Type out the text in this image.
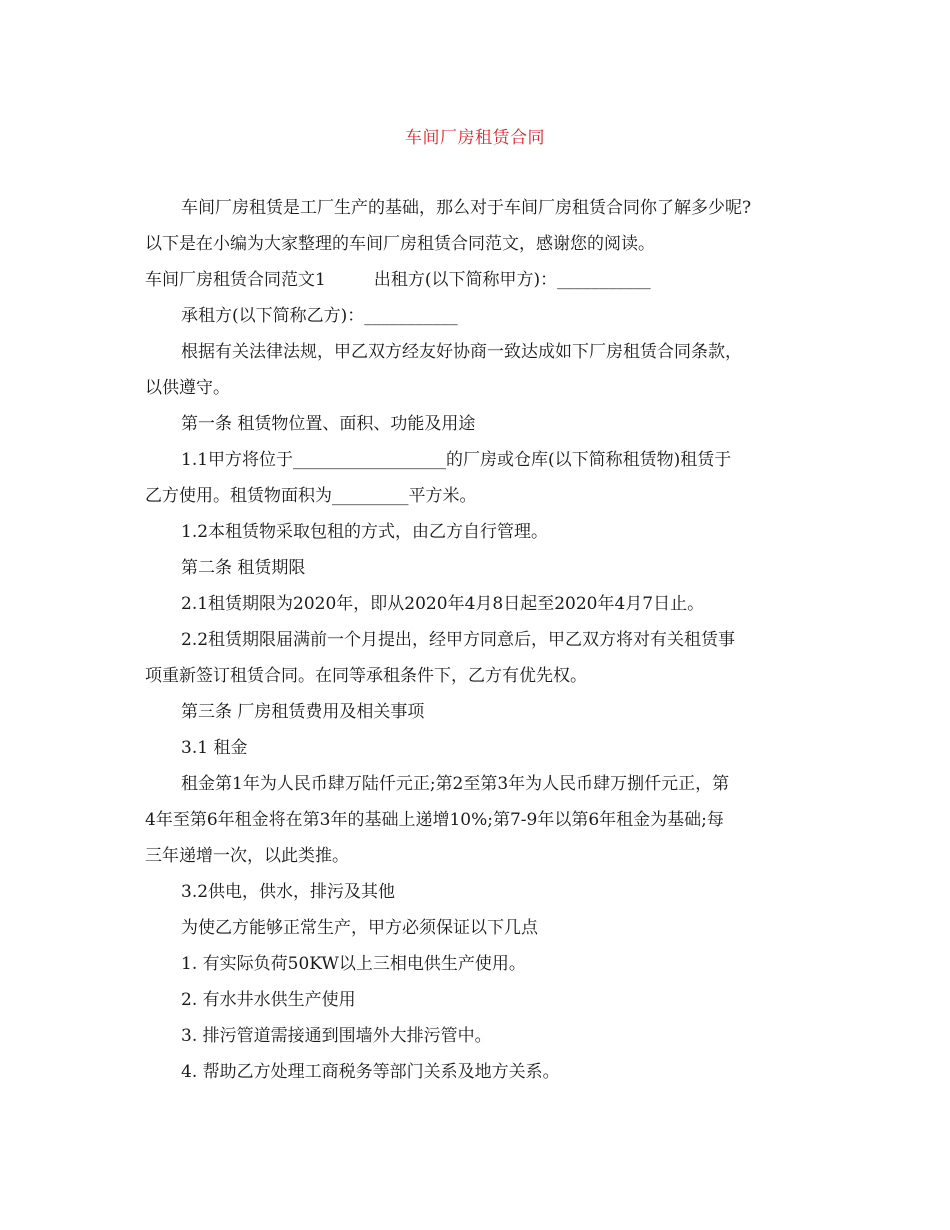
车间厂房租赁合同

车间厂房租赁是工厂生产的基础，那么对于车间厂房租赁合同你了解多少呢?

以下是在小编为大家整理的车间厂房租赁合同范文，感谢您的阅读。

车间厂房租赁合同范文1	出租方(以下简称甲方)：___________

承租方(以下简称乙方)：___________

根据有关法律法规，甲乙双方经友好协商一致达成如下厂房租赁合同条款，

以供遵守。

第一条 租赁物位置、面积、功能及用途

1.1甲方将位于__________________的厂房或仓库(以下简称租赁物)租赁于

乙方使用。租赁物面积为_________平方米。

1.2本租赁物采取包租的方式，由乙方自行管理。

第二条 租赁期限

2.1租赁期限为2020年，即从2020年4月8日起至2020年4月7日止。

2.2租赁期限届满前一个月提出，经甲方同意后，甲乙双方将对有关租赁事

项重新签订租赁合同。在同等承租条件下，乙方有优先权。

第三条 厂房租赁费用及相关事项

3.1 租金

租金第1年为人民币肆万陆仟元正;第2至第3年为人民币肆万捌仟元正，第

4年至第6年租金将在第3年的基础上递增10%;第7-9年以第6年租金为基础;每

三年递增一次，以此类推。

3.2供电，供水，排污及其他

为使乙方能够正常生产，甲方必须保证以下几点

1. 有实际负荷50KW以上三相电供生产使用。

2. 有水井水供生产使用

3. 排污管道需接通到围墙外大排污管中。

4. 帮助乙方处理工商税务等部门关系及地方关系。
